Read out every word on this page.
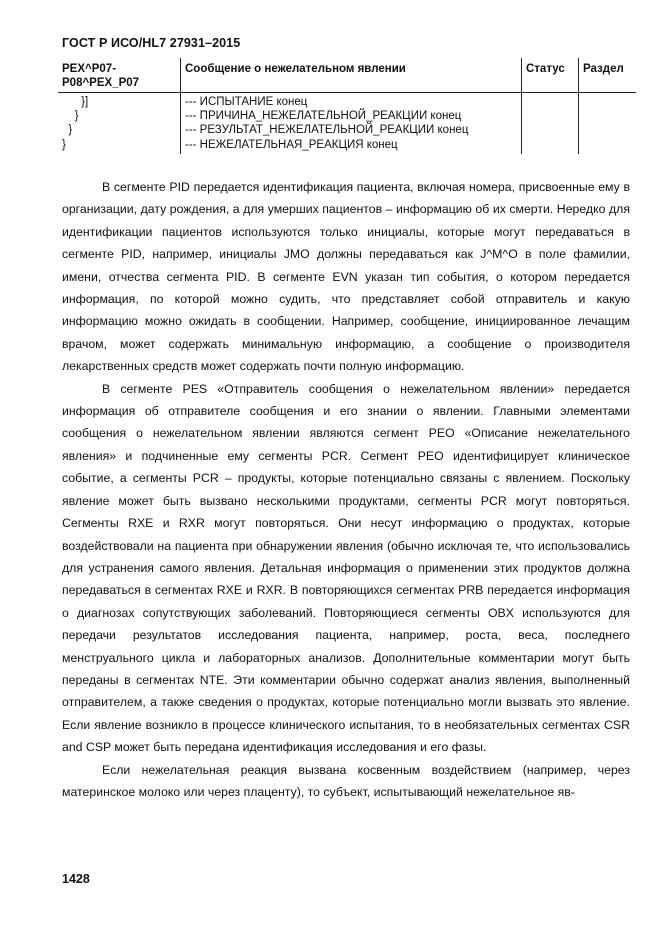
ГОСТ Р ИСО/HL7 27931–2015
PEX^P07-P08^PEX_P07	Сообщение о нежелательном явлении	Статус	Раздел
}]	--- ИСПЫТАНИЕ конец		
}	--- ПРИЧИНА_НЕЖЕЛАТЕЛЬНОЙ_РЕАКЦИИ конец		
}	--- РЕЗУЛЬТАТ_НЕЖЕЛАТЕЛЬНОЙ_РЕАКЦИИ конец		
}	--- НЕЖЕЛАТЕЛЬНАЯ_РЕАКЦИЯ конец		

В сегменте PID передается идентификация пациента, включая номера, присвоенные ему в организации, дату рождения, а для умерших пациентов – информацию об их смерти. Нередко для идентификации пациентов используются только инициалы, которые могут передаваться в сегменте PID, например, инициалы JMO должны передаваться как J^M^O в поле фамилии, имени, отчества сегмента PID. В сегменте EVN указан тип события, о котором передается информация, по которой можно судить, что представляет собой отправитель и какую информацию можно ожидать в сообщении. Например, сообщение, инициированное лечащим врачом, может содержать минимальную информацию, а сообщение о производителя лекарственных средств может содержать почти полную информацию.

В сегменте PES «Отправитель сообщения о нежелательном явлении» передается информация об отправителе сообщения и его знании о явлении. Главными элементами сообщения о нежелательном явлении являются сегмент PEO «Описание нежелательного явления» и подчиненные ему сегменты PCR. Сегмент PEO идентифицирует клиническое событие, а сегменты PCR – продукты, которые потенциально связаны с явлением. Поскольку явление может быть вызвано несколькими продуктами, сегменты PCR могут повторяться. Сегменты RXE и RXR могут повторяться. Они несут информацию о продуктах, которые воздействовали на пациента при обнаружении явления (обычно исключая те, что использовались для устранения самого явления. Детальная информация о применении этих продуктов должна передаваться в сегментах RXE и RXR. В повторяющихся сегментах PRB передается информация о диагнозах сопутствующих заболеваний. Повторяющиеся сегменты OBX используются для передачи результатов исследования пациента, например, роста, веса, последнего менструального цикла и лабораторных анализов. Дополнительные комментарии могут быть переданы в сегментах NTE. Эти комментарии обычно содержат анализ явления, выполненный отправителем, а также сведения о продуктах, которые потенциально могли вызвать это явление. Если явление возникло в процессе клинического испытания, то в необязательных сегментах CSR and CSP может быть передана идентификация исследования и его фазы.

Если нежелательная реакция вызвана косвенным воздействием (например, через материнское молоко или через плаценту), то субъект, испытывающий нежелательное яв-

1428
